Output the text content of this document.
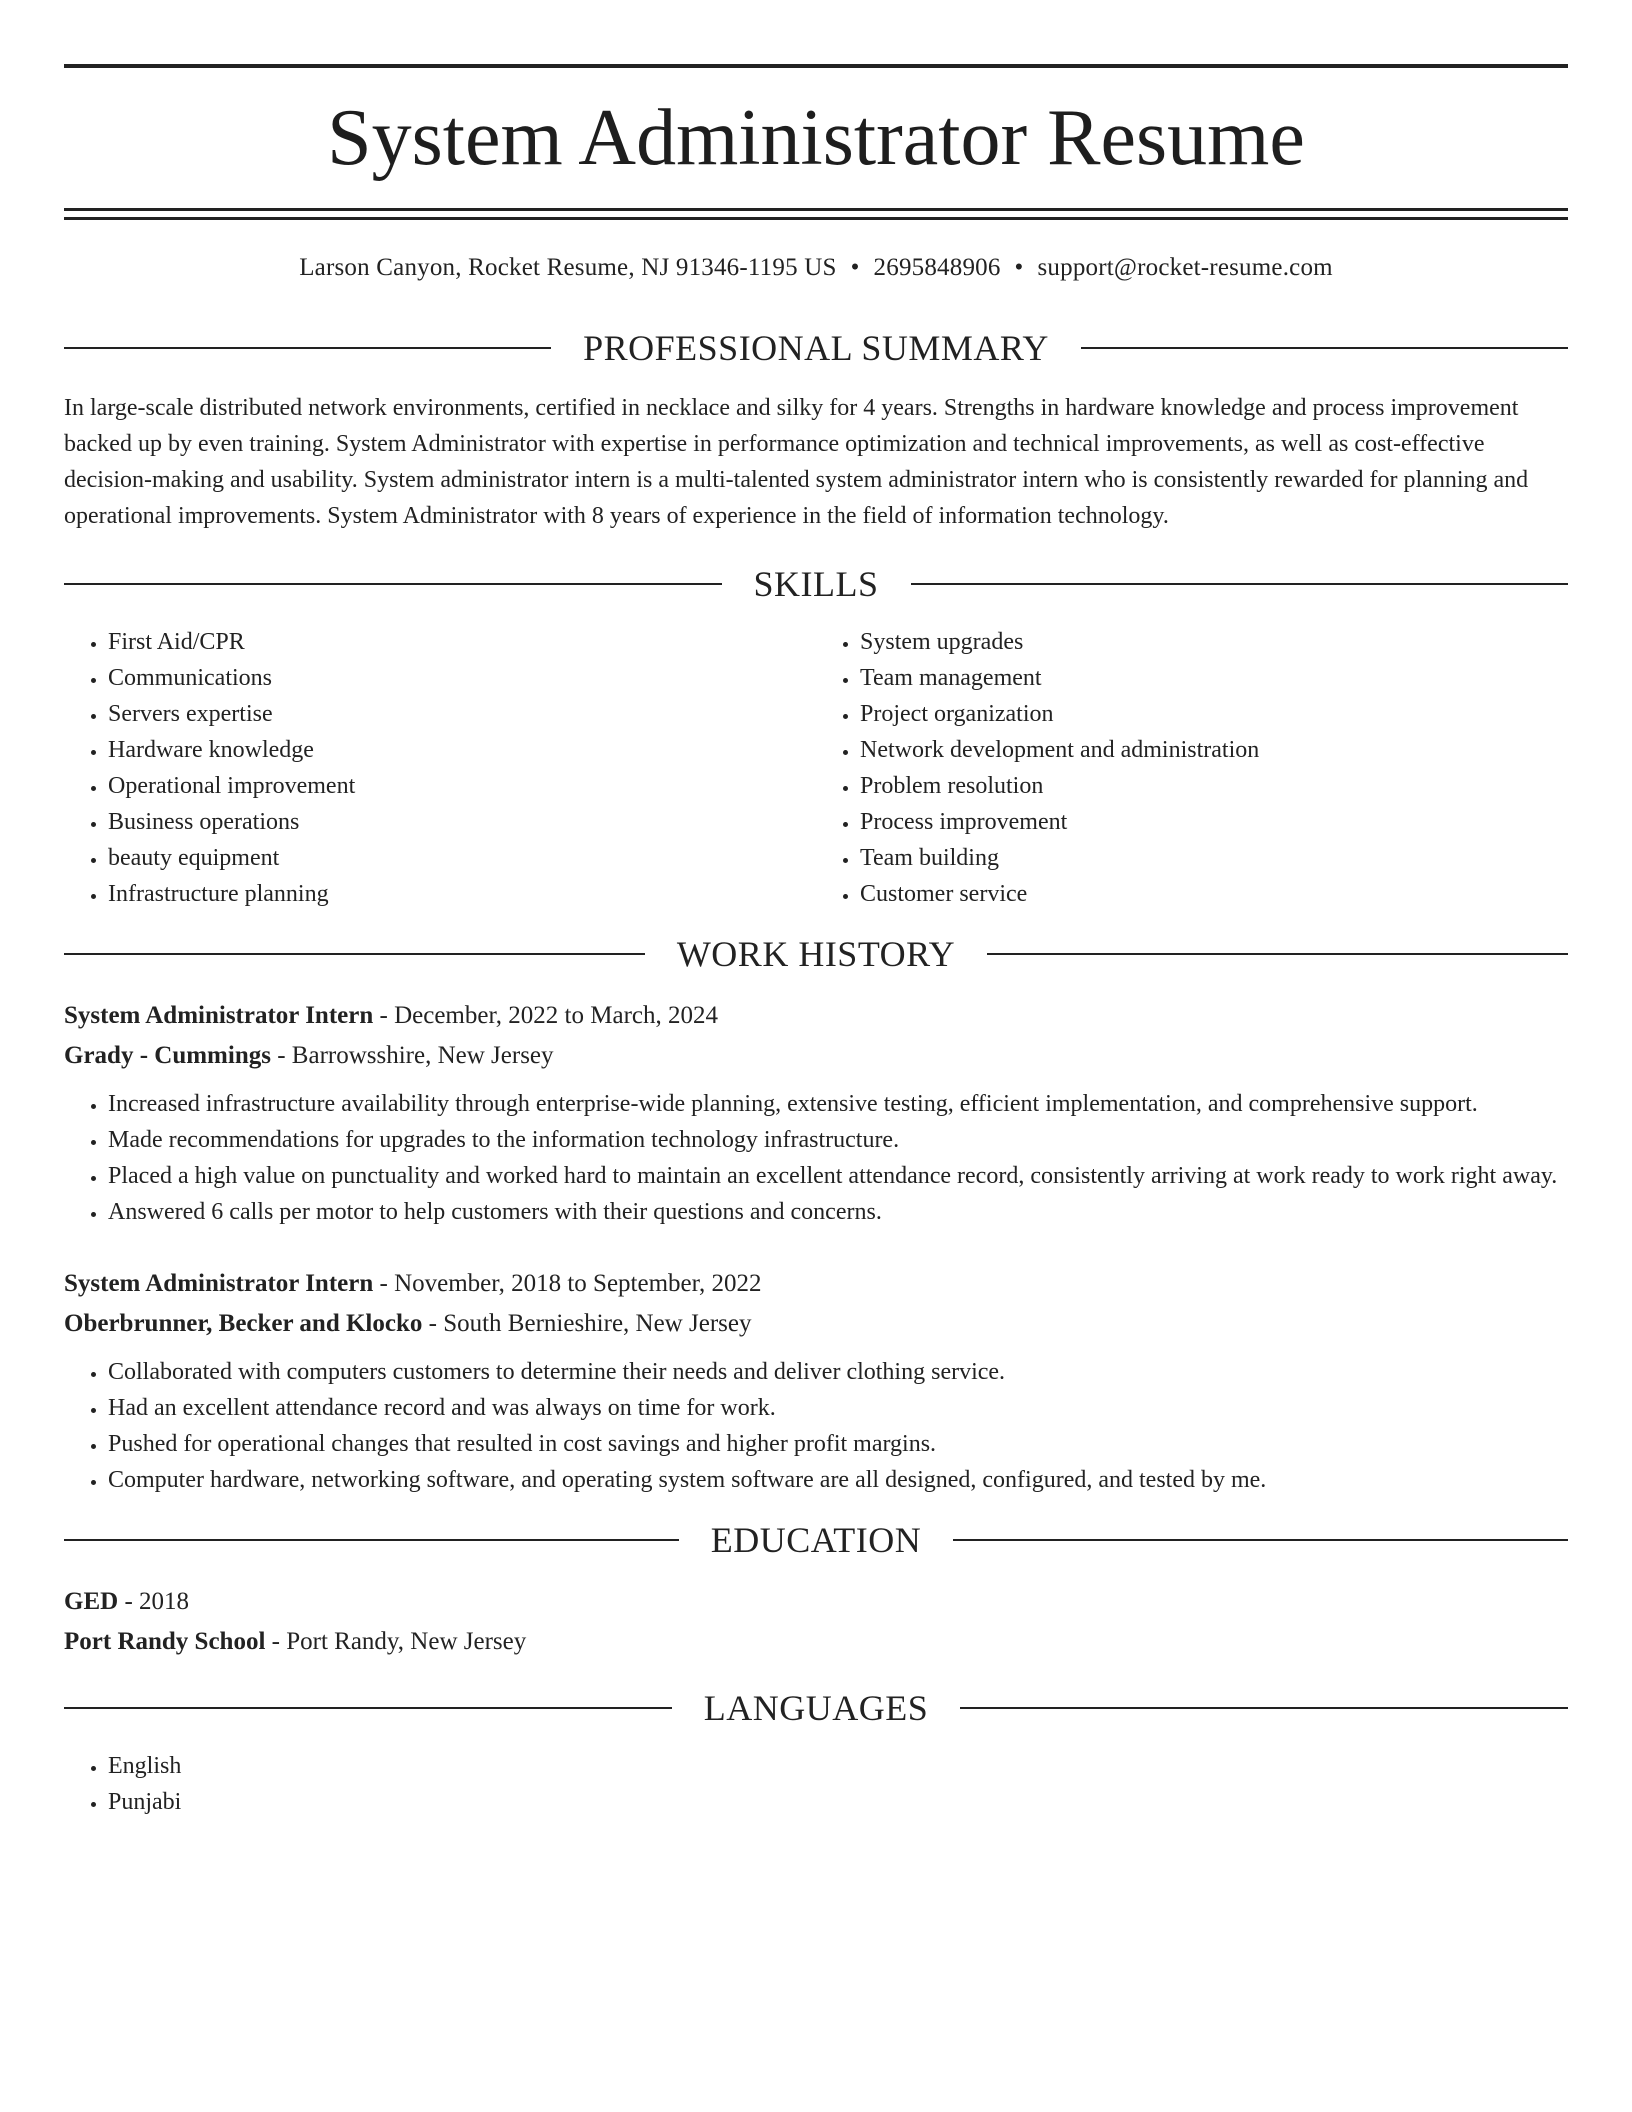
System Administrator Resume
Larson Canyon, Rocket Resume, NJ 91346-1195 US • 2695848906 • support@rocket-resume.com
PROFESSIONAL SUMMARY

In large-scale distributed network environments, certified in necklace and silky for 4 years. Strengths in hardware knowledge and process improvement backed up by even training. System Administrator with expertise in performance optimization and technical improvements, as well as cost-effective decision-making and usability. System administrator intern is a multi-talented system administrator intern who is consistently rewarded for planning and operational improvements. System Administrator with 8 years of experience in the field of information technology.

SKILLS
• First Aid/CPR
• Communications
• Servers expertise
• Hardware knowledge
• Operational improvement
• Business operations
• beauty equipment
• Infrastructure planning
• System upgrades
• Team management
• Project organization
• Network development and administration
• Problem resolution
• Process improvement
• Team building
• Customer service
WORK HISTORY
System Administrator Intern - December, 2022 to March, 2024
Grady - Cummings - Barrowsshire, New Jersey
• Increased infrastructure availability through enterprise-wide planning, extensive testing, efficient implementation, and comprehensive support.
• Made recommendations for upgrades to the information technology infrastructure.
• Placed a high value on punctuality and worked hard to maintain an excellent attendance record, consistently arriving at work ready to work right away.
• Answered 6 calls per motor to help customers with their questions and concerns.
System Administrator Intern - November, 2018 to September, 2022
Oberbrunner, Becker and Klocko - South Bernieshire, New Jersey
• Collaborated with computers customers to determine their needs and deliver clothing service.
• Had an excellent attendance record and was always on time for work.
• Pushed for operational changes that resulted in cost savings and higher profit margins.
• Computer hardware, networking software, and operating system software are all designed, configured, and tested by me.
EDUCATION
GED - 2018
Port Randy School - Port Randy, New Jersey
LANGUAGES
• English
• Punjabi
